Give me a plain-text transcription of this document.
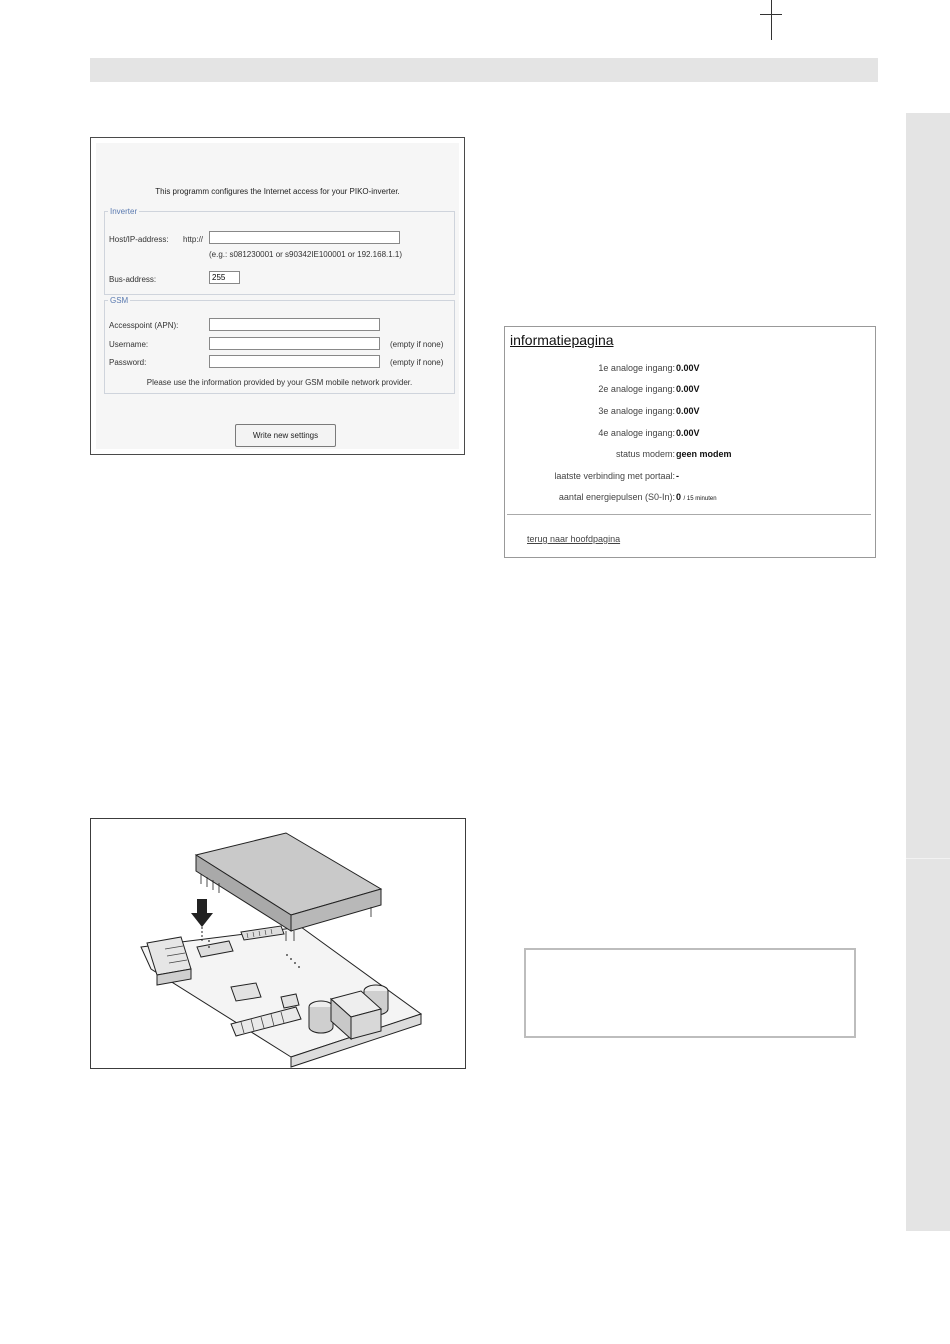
This programm configures the Internet access for your PIKO-inverter.
Inverter
Host/IP-address: http://
(e.g.: s081230001 or s90342IE100001 or 192.168.1.1)
Bus-address:
255
GSM
Accesspoint (APN):
Username:	(empty if none)
Password:	(empty if none)
Please use the information provided by your GSM mobile network provider.
Write new settings
informatiepagina
1e analoge ingang: 0.00V
2e analoge ingang: 0.00V
3e analoge ingang: 0.00V
4e analoge ingang: 0.00V
status modem: geen modem
laatste verbinding met portaal: -
aantal energiepulsen (S0-In): 0 / 15 minuten
terug naar hoofdpagina
